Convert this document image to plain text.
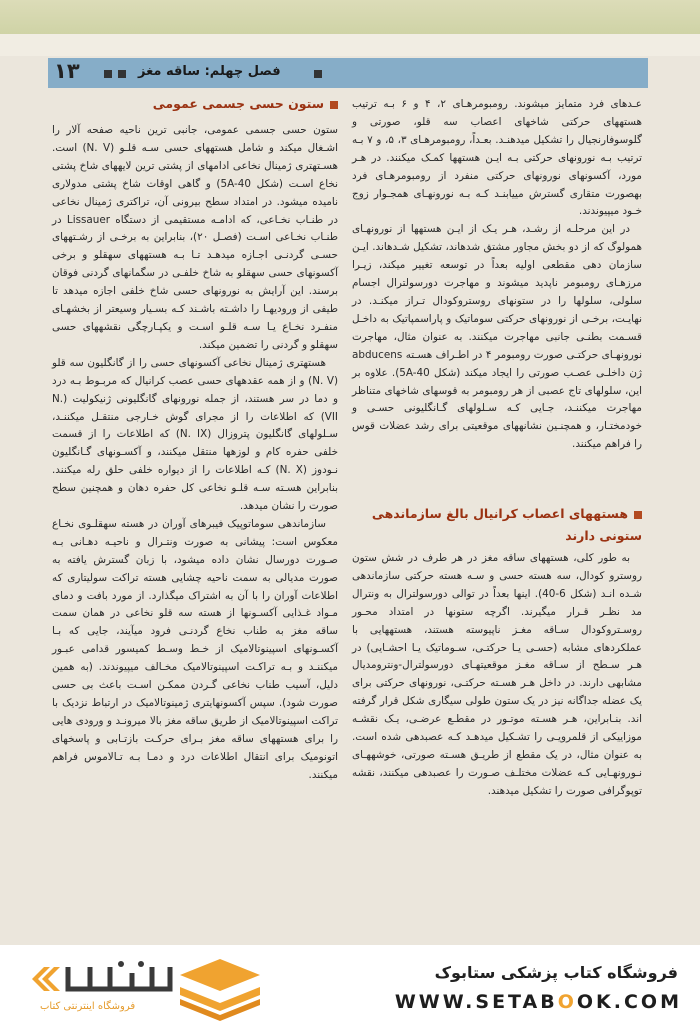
۱۳	فصل چهلم: ساقه مغز

عـدهای فرد متمایز میشوند. رومبومرهـای ۲، ۴ و ۶ بـه ترتیب هستههای حرکتی شاخهای اعصاب سه قلو، صورتی و گلوسوفارنجیال را تشکیل میدهنـد. بعـداً، رومبومرهـای ۳، ۵، و ۷ بـه ترتیب بـه نورونهای حرکتی بـه ایـن هستهها کمـک میکنند. در هـر مورد، آکسونهای نورونهای حرکتی منفرد از رومبومرهـای فرد بهصورت متقاری گسترش مییابنـد کـه بـه نورونهـای همجـوار زوج خـود میپیوندند.

در این مرحلـه از رشـد، هـر یـک از ایـن هستهها از نورونهـای همولوگ که از دو بخش مجاور مشتق شدهاند، تشکیل شـدهاند. ایـن سازمان دهی مقطعی اولیه بعداً در توسعه تغییر میکند، زیـرا مرزهـای رومبومر ناپدید میشوند و مهاجرت دورسولترال اجسام سلولی، سلولها را در ستونهای روستروکودال تـراز میکنـد. در نهایـت، برخـی از نورونهای حرکتی سوماتیک و پاراسمپاتیک به داخـل قسـمت بطنـی جانبی مهاجرت میکنند. به عنوان مثال، مهاجرت نورونهـای حرکتـی صورت رومبومر ۴ در اطـراف هسـته abducens ژن داخلـی عصـب صورتی را ایجاد میکند (شکل 5A-40). علاوه بر این، سلولهای تاج عصبی از هر رومبومر به قوسهای شاخهای متناظر مهاجرت میکننـد، جـایی کـه سـلولهای گـانگلیونی حسـی و خودمختـار، و همچنـین نشانههای موقعیتی برای رشد عضلات قوس را فراهم میکنند.

هستههای اعصاب کرانیال بالغ سازماندهی ستونی دارند

به طور کلی، هستههای ساقه مغز در هر طرف در شش ستون روسترو کودال، سه هسته حسی و سـه هسته حرکتی سازماندهی شـده انـد (شکل 6-40). اینها بعداً در توالی دورسولترال به ونترال مد نظـر قـرار میگیرند. اگرچه ستونها در امتداد محـور روسـتروکودال سـاقه مغـز ناپیوسته هستند، هستههایی با عملکردهای مشابه (حسـی یـا حرکتـی، سـوماتیک یـا احشـایی) در هـر سـطح از سـاقه مغـز موقعیتهـای دورسولترال-ونترومدیال مشابهی دارند. در داخل هـر هسـته حرکتـی، نورونهای حرکتی برای یک عضله جداگانه نیز در یک ستون طولی سیگاری شکل قرار گرفته اند. بنـابراین، هـر هسـته موتـور در مقطـع عرضـی، یـک نقشـه موزاییکی از قلمرویـی را تشـکیل میدهـد کـه عصبدهی شده است. به عنوان مثال، در یک مقطع از طریـق هسـته صورتی، خوشههـای نـورونهـایی کـه عضلات مختلـف صـورت را عصبدهی میکنند، نقشه توپوگرافی صورت را تشکیل میدهند.

ستون حسی جسمی عمومی

ستون حسی جسمی عمومی، جانبی ترین ناحیه صفحه آلار را اشـغال میکند و شامل هستههای حسی سـه قلـو (N. V) است. هسـتهتری ژمینال نخاعی ادامهای از پشتی ترین لایههای شاخ پشتی نخاع اسـت (شکل 5A-40) و گاهی اوقات شاخ پشتی مدولاری نامیده میشود. در امتداد سطح بیرونی آن، تراکتری ژمینال نخاعی در طنـاب نخـاعی، که ادامـه مستقیمی از دستگاه Lissauer در طنـاب نخـاعی اسـت (فصـل ۲۰)، بنابراین به برخـی از رشـتههای حسـی گردنـی اجـازه میدهـد تـا بـه هستههای سهقلو و برخی آکسونهای حسی سهقلو به شاخ خلفـی در سگمانهای گردنی فوقان برسند. این آرایش به نورونهای حسی شاخ خلفی اجازه میدهد تا طیفی از ورودیهـا را داشـته باشـند کـه بسـیار وسیعتر از بخشهـای منفـرد نخـاع یـا سـه قلـو اسـت و یکپـارچگی نقشههای حسی سهقلو و گردنی را تضمین میکند.

هستهتری ژمینال نخاعی آکسونهای حسی را از گانگلیون سه قلو (N. V) و از همه عقدههای حسی عصب کرانیال که مربـوط بـه درد و دما در سر هستند، از جمله نورونهای گانگلیونی ژنیکولیت (N. VII) که اطلاعات را از مجرای گوش خـارجی منتقـل میکننـد، سـلولهای گانگلیون پتروزال (N. IX) که اطلاعات را از قسمت خلفی حفره کام و لوزهها منتقل میکنند، و آکسـونهای گـانگلیون نـودوز (N. X) کـه اطلاعات را از دیواره خلفی حلق رله میکنند. بنابراین هسـته سـه قلـو نخاعی کل حفره دهان و همچنین سطح صورت را نشان میدهد.

سازماندهی سوماتوپیک فیبرهای آوران در هسته سهقلـوی نخـاع معکوس است: پیشانی به صورت ونتـرال و ناحیـه دهـانی بـه صـورت دورسال نشان داده میشود، با زبان گسترش یافته به صورت مدیالی به سمت ناحیه چشایی هسته تراکت سولیتاری که اطلاعات آوران را با آن به اشتراک میگذارد. از مورد بافت و دمای مـواد غـذایی آکسـونها از هسته سه قلو نخاعی در همان سمت ساقه مغز به طناب نخاع گردنـی فرود میآیند، جایی که بـا آکسـونهای اسپینوتالامیک از خـط وسـط کمیسور قدامی عبـور میکننـد و بـه تراکـت اسپینوتالامیک مخـالف میپیوندند. (به همین دلیل، آسیب طناب نخاعی گـردن ممکـن اسـت باعث بی حسی صورت شود). سپس آکسونهایتری ژمینوتالامیک در ارتباط نزدیک با تراکت اسپینوتالامیک از طریق ساقه مغز بالا میرونـد و ورودی هایی را برای هستههای ساقه مغز بـرای حرکـت بازتـابی و پاسخهای اتونومیک برای انتقال اطلاعات درد و دمـا بـه تـالاموس فراهم میکنند.

فروشگاه کتاب پزشکی ستابوک
WWW.SETABOOK.COM
فروشگاه اینترنتی کتاب
